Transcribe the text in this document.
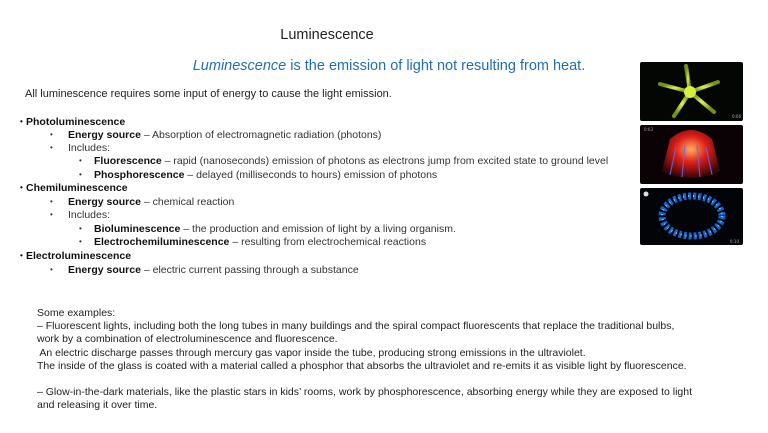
Luminescence
Luminescence is the emission of light not resulting from heat.
All luminescence requires some input of energy to cause the light emission.
• Photoluminescence
• Energy source – Absorption of electromagnetic radiation (photons)
• Includes:
• Fluorescence – rapid (nanoseconds) emission of photons as electrons jump from excited state to ground level
• Phosphorescence – delayed (milliseconds to hours) emission of photons
• Chemiluminescence
• Energy source – chemical reaction
• Includes:
• Bioluminescence – the production and emission of light by a living organism.
• Electrochemiluminescence – resulting from electrochemical reactions
• Electroluminescence
• Energy source – electric current passing through a substance

Some examples:

– Fluorescent lights, including both the long tubes in many buildings and the spiral compact fluorescents that replace the traditional bulbs,

work by a combination of electroluminescence and fluorescence.

An electric discharge passes through mercury gas vapor inside the tube, producing strong emissions in the ultraviolet.

The inside of the glass is coated with a material called a phosphor that absorbs the ultraviolet and re-emits it as visible light by fluorescence.

– Glow-in-the-dark materials, like the plastic stars in kids’ rooms, work by phosphorescence, absorbing energy while they are exposed to light

and releasing it over time.

0:06
0:03
0:10
